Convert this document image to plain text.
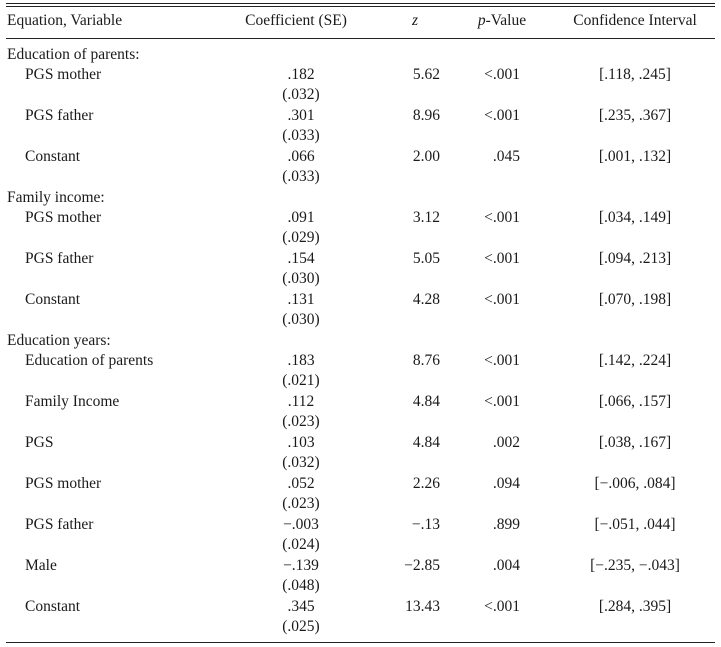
Equation, Variable	Coefficient (SE)	z	p-Value	Confidence Interval
Education of parents:
PGS mother	.182	5.62	<.001	[.118, .245]
(.032)
PGS father	.301	8.96	<.001	[.235, .367]
(.033)
Constant	.066	2.00	.045	[.001, .132]
(.033)
Family income:
PGS mother	.091	3.12	<.001	[.034, .149]
(.029)
PGS father	.154	5.05	<.001	[.094, .213]
(.030)
Constant	.131	4.28	<.001	[.070, .198]
(.030)
Education years:
Education of parents	.183	8.76	<.001	[.142, .224]
(.021)
Family Income	.112	4.84	<.001	[.066, .157]
(.023)
PGS	.103	4.84	.002	[.038, .167]
(.032)
PGS mother	.052	2.26	.094	[−.006, .084]
(.023)
PGS father	−.003	−.13	.899	[−.051, .044]
(.024)
Male	−.139	−2.85	.004	[−.235, −.043]
(.048)
Constant	.345	13.43	<.001	[.284, .395]
(.025)
